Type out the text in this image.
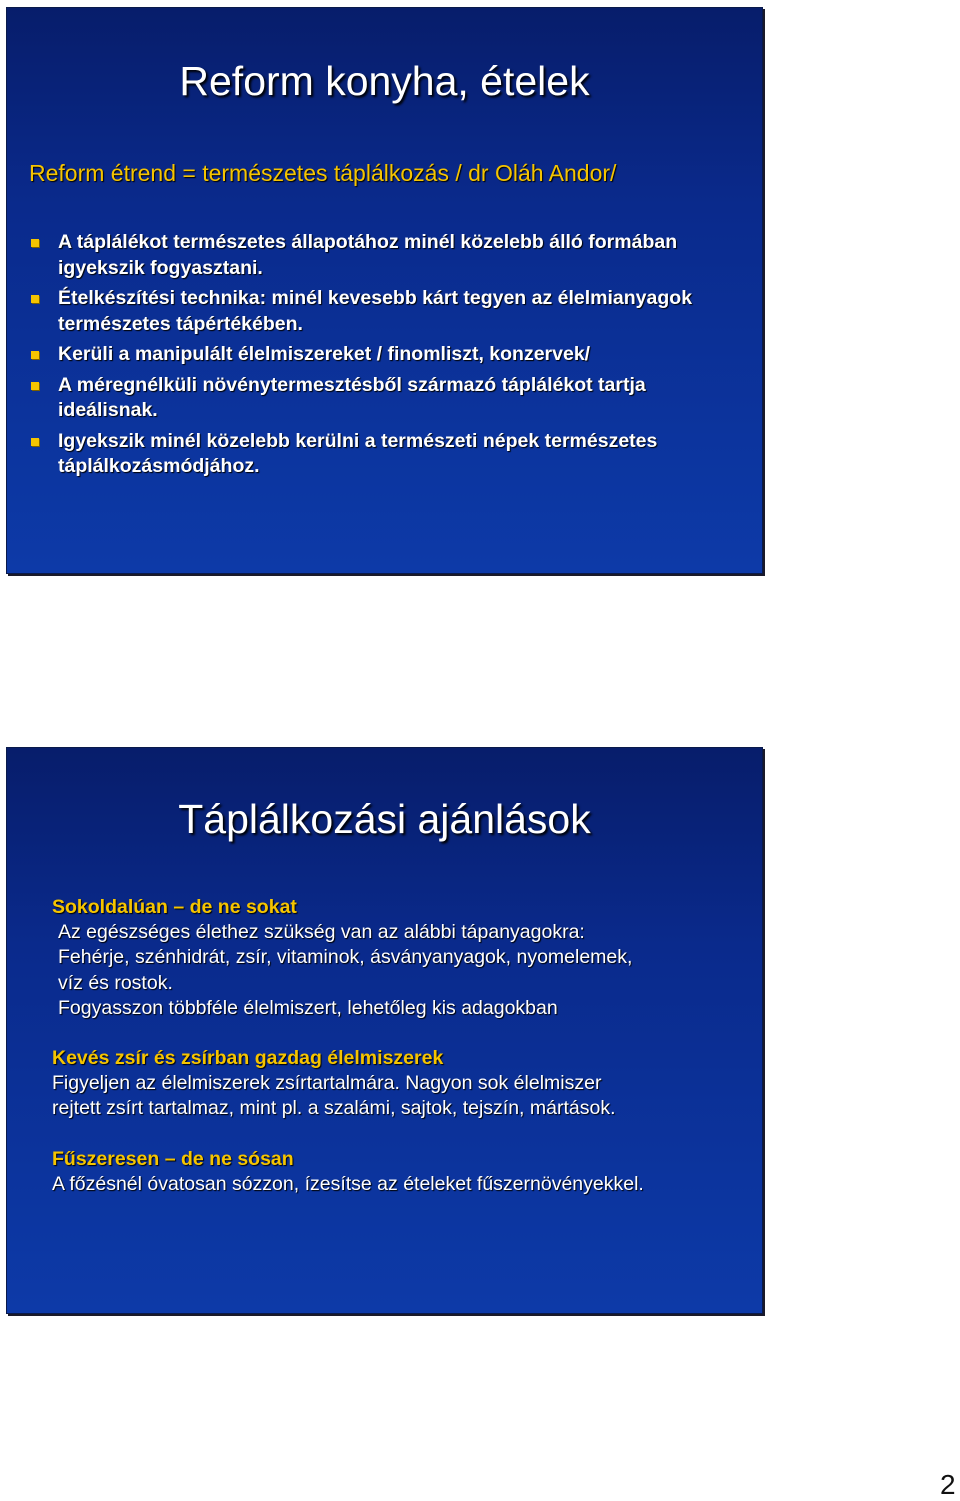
Reform konyha, ételek
Reform étrend = természetes táplálkozás / dr Oláh Andor/
A táplálékot természetes állapotához minél közelebb álló formában igyekszik fogyasztani.
Ételkészítési technika: minél kevesebb kárt tegyen az élelmianyagok természetes tápértékében.
Kerüli a manipulált élelmiszereket / finomliszt, konzervek/
A méregnélküli növénytermesztésből származó táplálékot tartja ideálisnak.
Igyekszik minél közelebb kerülni a természeti népek természetes táplálkozásmódjához.
Táplálkozási ajánlások
Sokoldalúan – de ne sokat
Az egészséges élethez szükség van az alábbi tápanyagokra:
Fehérje, szénhidrát, zsír, vitaminok, ásványanyagok, nyomelemek,
víz és rostok.
Fogyasszon többféle élelmiszert, lehetőleg kis adagokban
Kevés zsír és zsírban gazdag élelmiszerek
Figyeljen az élelmiszerek zsírtartalmára. Nagyon sok élelmiszer
rejtett zsírt tartalmaz, mint pl. a szalámi, sajtok, tejszín, mártások.
Fűszeresen – de ne sósan
A főzésnél óvatosan sózzon, ízesítse az ételeket fűszernövényekkel.
2
